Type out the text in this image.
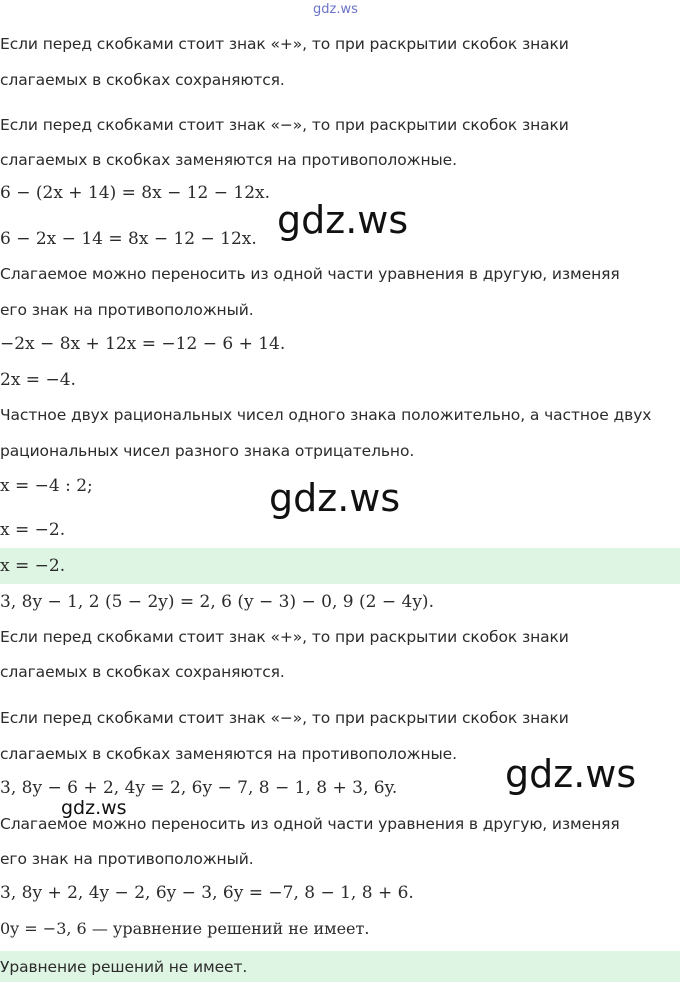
gdz.ws
Если перед скобками стоит знак «+», то при раскрытии скобок знаки
слагаемых в скобках сохраняются.
Если перед скобками стоит знак «−», то при раскрытии скобок знаки
слагаемых в скобках заменяются на противоположные.
6 − (2x + 14) = 8x − 12 − 12x.
6 − 2x − 14 = 8x − 12 − 12x. gdz.ws
Слагаемое можно переносить из одной части уравнения в другую, изменяя
его знак на противоположный.
−2x − 8x + 12x = −12 − 6 + 14.
2x = −4.
Частное двух рациональных чисел одного знака положительно, а частное двух
рациональных чисел разного знака отрицательно.
x = −4 : 2;	gdz.ws
x = −2.
x = −2.
3, 8y − 1, 2 (5 − 2y) = 2, 6 (y − 3) − 0, 9 (2 − 4y).
Если перед скобками стоит знак «+», то при раскрытии скобок знаки
слагаемых в скобках сохраняются.
Если перед скобками стоит знак «−», то при раскрытии скобок знаки
слагаемых в скобках заменяются на противоположные.
3, 8y − 6 + 2, 4y = 2, 6y − 7, 8 − 1, 8 + 3, 6y.	gdz.ws
gdz.ws
Слагаемое можно переносить из одной части уравнения в другую, изменяя
его знак на противоположный.
3, 8y + 2, 4y − 2, 6y − 3, 6y = −7, 8 − 1, 8 + 6.
0y = −3, 6 — уравнение решений не имеет.
Уравнение решений не имеет.
